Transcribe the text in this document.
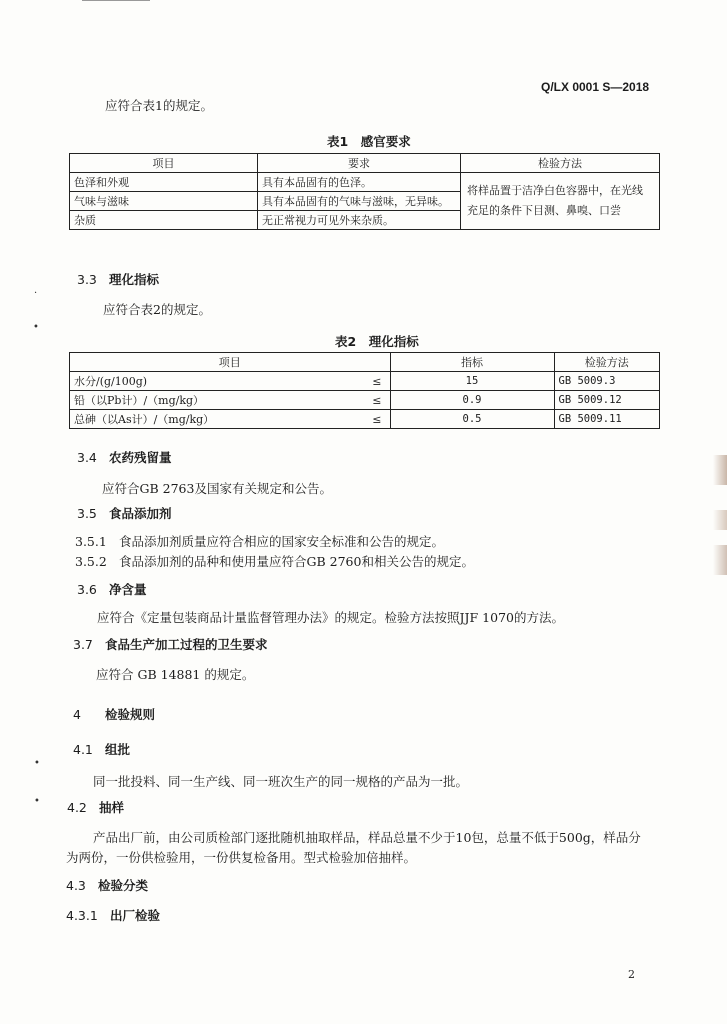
Q/LX 0001 S—2018
应符合表1的规定。
表1　感官要求
项目	要求	检验方法
色泽和外观	具有本品固有的色泽。	将样品置于洁净白色容器中，在光线充足的条件下目测、鼻嗅、口尝
气味与滋味	具有本品固有的气味与滋味，无异味。	
杂质	无正常视力可见外来杂质。	
3.3 理化指标
应符合表2的规定。
表2　理化指标
项目		指标	检验方法
水分/(g/100g)	≤	15	GB 5009.3
铅（以Pb计）/（mg/kg）	≤	0.9	GB 5009.12
总砷（以As计）/（mg/kg）	≤	0.5	GB 5009.11
3.4 农药残留量
应符合GB 2763及国家有关规定和公告。
3.5 食品添加剂
3.5.1 食品添加剂质量应符合相应的国家安全标准和公告的规定。
3.5.2 食品添加剂的品种和使用量应符合GB 2760和相关公告的规定。
3.6 净含量
应符合《定量包装商品计量监督管理办法》的规定。检验方法按照JJF 1070的方法。
3.7 食品生产加工过程的卫生要求
应符合 GB 14881 的规定。
4 检验规则
4.1 组批
同一批投料、同一生产线、同一班次生产的同一规格的产品为一批。
4.2 抽样
产品出厂前，由公司质检部门逐批随机抽取样品，样品总量不少于10包，总量不低于500g，样品分
为两份，一份供检验用，一份供复检备用。型式检验加倍抽样。
4.3 检验分类
4.3.1 出厂检验
2
·
•
•
•
